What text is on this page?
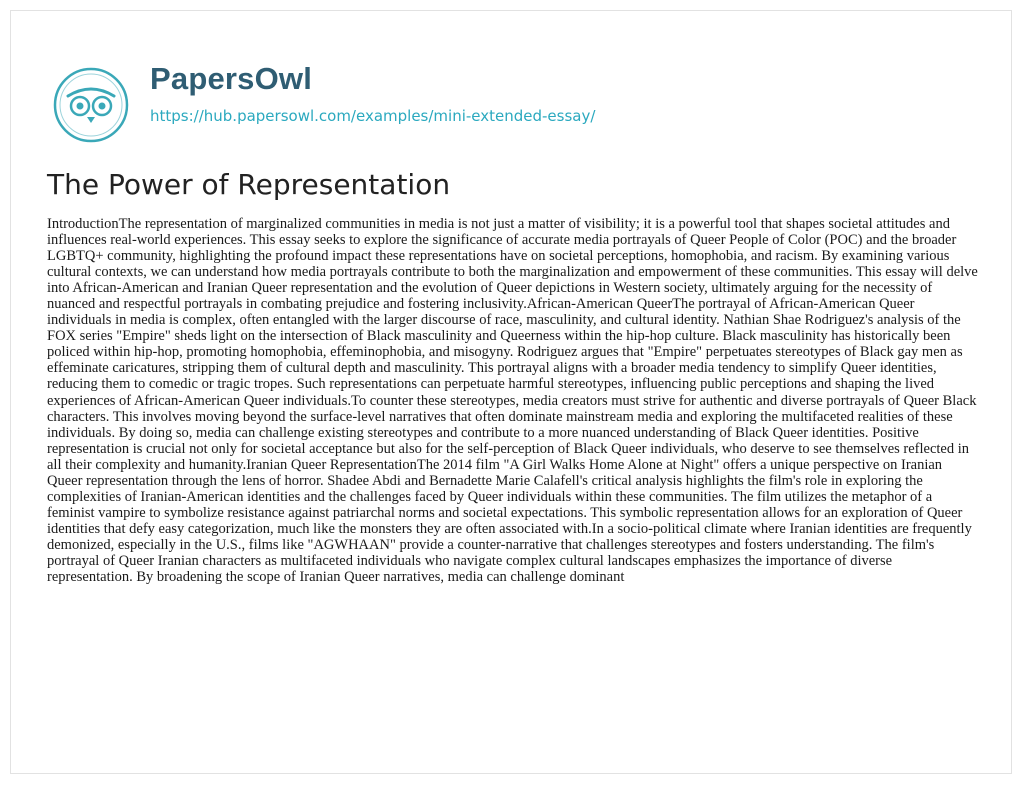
PapersOwl
https://hub.papersowl.com/examples/mini-extended-essay/
The Power of Representation

IntroductionThe representation of marginalized communities in media is not just a matter of visibility; it is a powerful tool that shapes societal attitudes and influences real-world experiences. This essay seeks to explore the significance of accurate media portrayals of Queer People of Color (POC) and the broader LGBTQ+ community, highlighting the profound impact these representations have on societal perceptions, homophobia, and racism. By examining various cultural contexts, we can understand how media portrayals contribute to both the marginalization and empowerment of these communities. This essay will delve into African-American and Iranian Queer representation and the evolution of Queer depictions in Western society, ultimately arguing for the necessity of nuanced and respectful portrayals in combating prejudice and fostering inclusivity.African-American QueerThe portrayal of African-American Queer individuals in media is complex, often entangled with the larger discourse of race, masculinity, and cultural identity. Nathian Shae Rodriguez's analysis of the FOX series "Empire" sheds light on the intersection of Black masculinity and Queerness within the hip-hop culture. Black masculinity has historically been policed within hip-hop, promoting homophobia, effeminophobia, and misogyny. Rodriguez argues that "Empire" perpetuates stereotypes of Black gay men as effeminate caricatures, stripping them of cultural depth and masculinity. This portrayal aligns with a broader media tendency to simplify Queer identities, reducing them to comedic or tragic tropes. Such representations can perpetuate harmful stereotypes, influencing public perceptions and shaping the lived experiences of African-American Queer individuals.To counter these stereotypes, media creators must strive for authentic and diverse portrayals of Queer Black characters. This involves moving beyond the surface-level narratives that often dominate mainstream media and exploring the multifaceted realities of these individuals. By doing so, media can challenge existing stereotypes and contribute to a more nuanced understanding of Black Queer identities. Positive representation is crucial not only for societal acceptance but also for the self-perception of Black Queer individuals, who deserve to see themselves reflected in all their complexity and humanity.Iranian Queer RepresentationThe 2014 film "A Girl Walks Home Alone at Night" offers a unique perspective on Iranian Queer representation through the lens of horror. Shadee Abdi and Bernadette Marie Calafell's critical analysis highlights the film's role in exploring the complexities of Iranian-American identities and the challenges faced by Queer individuals within these communities. The film utilizes the metaphor of a feminist vampire to symbolize resistance against patriarchal norms and societal expectations. This symbolic representation allows for an exploration of Queer identities that defy easy categorization, much like the monsters they are often associated with.In a socio-political climate where Iranian identities are frequently demonized, especially in the U.S., films like "AGWHAAN" provide a counter-narrative that challenges stereotypes and fosters understanding. The film's portrayal of Queer Iranian characters as multifaceted individuals who navigate complex cultural landscapes emphasizes the importance of diverse representation. By broadening the scope of Iranian Queer narratives, media can challenge dominant
